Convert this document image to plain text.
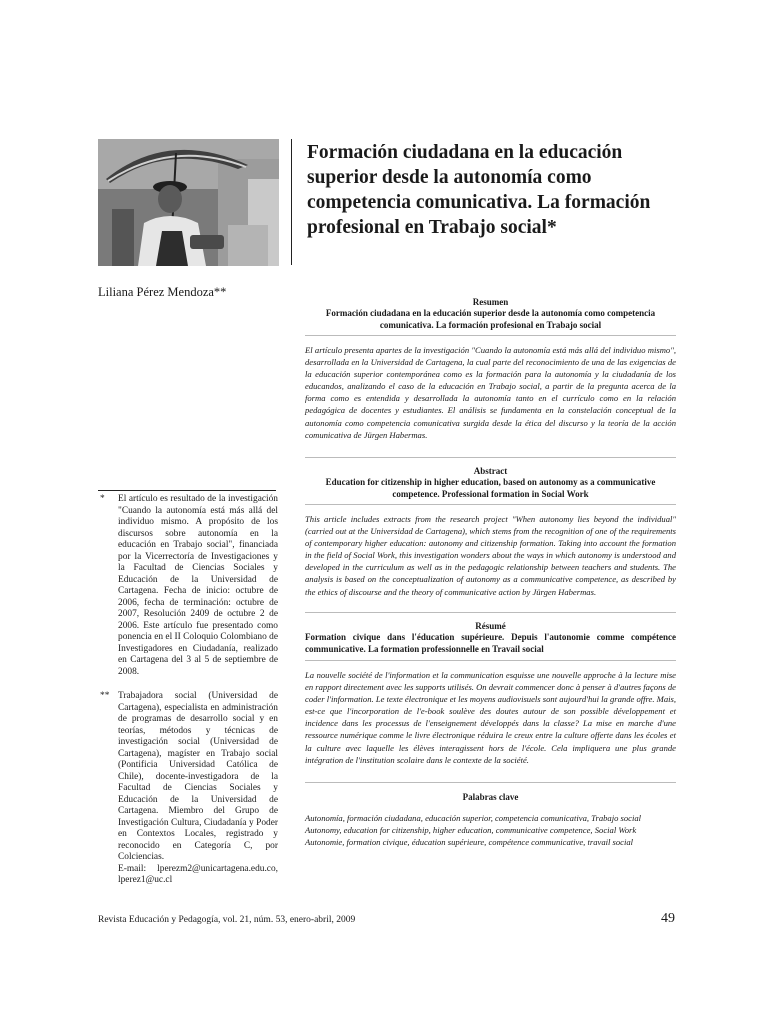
Formación ciudadana en la educación superior desde la autonomía como competencia comunicativa. La formación profesional en Trabajo social*
Liliana Pérez Mendoza**

Resumen

Formación ciudadana en la educación superior desde la autonomía como competencia comunicativa. La formación profesional en Trabajo social

El artículo presenta apartes de la investigación "Cuando la autonomía está más allá del individuo mismo", desarrollada en la Universidad de Cartagena, la cual parte del reconocimiento de una de las exigencias de la educación superior contemporánea como es la formación para la autonomía y la ciudadanía de los educandos, analizando el caso de la educación en Trabajo social, a partir de la pregunta acerca de la forma como es entendida y desarrollada la autonomía tanto en el currículo como en la relación pedagógica de docentes y estudiantes. El análisis se fundamenta en la constelación conceptual de la autonomía como competencia comunicativa surgida desde la ética del discurso y la teoría de la acción comunicativa de Jürgen Habermas.

Abstract

Education for citizenship in higher education, based on autonomy as a communicative competence. Professional formation in Social Work

This article includes extracts from the research project "When autonomy lies beyond the individual" (carried out at the Universidad de Cartagena), which stems from the recognition of one of the requirements of contemporary higher education: autonomy and citizenship formation. Taking into account the formation in the field of Social Work, this investigation wonders about the ways in which autonomy is understood and developed in the curriculum as well as in the pedagogic relationship between teachers and students. The analysis is based on the conceptualization of autonomy as a communicative competence, as described by the ethics of discourse and the theory of communicative action by Jürgen Habermas.

Résumé

Formation civique dans l'éducation supérieure. Depuis l'autonomie comme compétence communicative. La formation professionnelle en Travail social

La nouvelle société de l'information et la communication esquisse une nouvelle approche à la lecture mise en rapport directement avec les supports utilisés. On devrait commencer donc à penser à d'autres façons de coder l'information. Le texte électronique et les moyens audiovisuels sont aujourd'hui la grande offre. Mais, est-ce que l'incorporation de l'e-book soulève des doutes autour de son possible développement et incidence dans les processus de l'enseignement développés dans la classe? La mise en marche d'une ressource numérique comme le livre électronique réduira le creux entre la culture offerte dans les écoles et la culture avec laquelle les élèves interagissent hors de l'école. Cela impliquera une plus grande intégration de l'institution scolaire dans le contexte de la société.

Palabras clave

Autonomía, formación ciudadana, educación superior, competencia comunicativa, Trabajo social

Autonomy, education for citizenship, higher education, communicative competence, Social Work

Autonomie, formation civique, éducation supérieure, compétence communicative, travail social

* El artículo es resultado de la investigación "Cuando la autonomía está más allá del individuo mismo. A propósito de los discursos sobre autonomía en la educación en Trabajo social", financiada por la Vicerrectoría de Investigaciones y la Facultad de Ciencias Sociales y Educación de la Universidad de Cartagena. Fecha de inicio: octubre de 2006, fecha de terminación: octubre de 2007, Resolución 2409 de octubre 2 de 2006. Este artículo fue presentado como ponencia en el II Coloquio Colombiano de Investigadores en Ciudadanía, realizado en Cartagena del 3 al 5 de septiembre de 2008.
** Trabajadora social (Universidad de Cartagena), especialista en administración de programas de desarrollo social y en teorías, métodos y técnicas de investigación social (Universidad de Cartagena), magíster en Trabajo social (Pontificia Universidad Católica de Chile), docente-investigadora de la Facultad de Ciencias Sociales y Educación de la Universidad de Cartagena. Miembro del Grupo de Investigación Cultura, Ciudadanía y Poder en Contextos Locales, registrado y reconocido en Categoría C, por Colciencias.
E-mail: lperezm2@unicartagena.edu.co, lperez1@uc.cl
Revista Educación y Pedagogía, vol. 21, núm. 53, enero-abril, 2009	49
